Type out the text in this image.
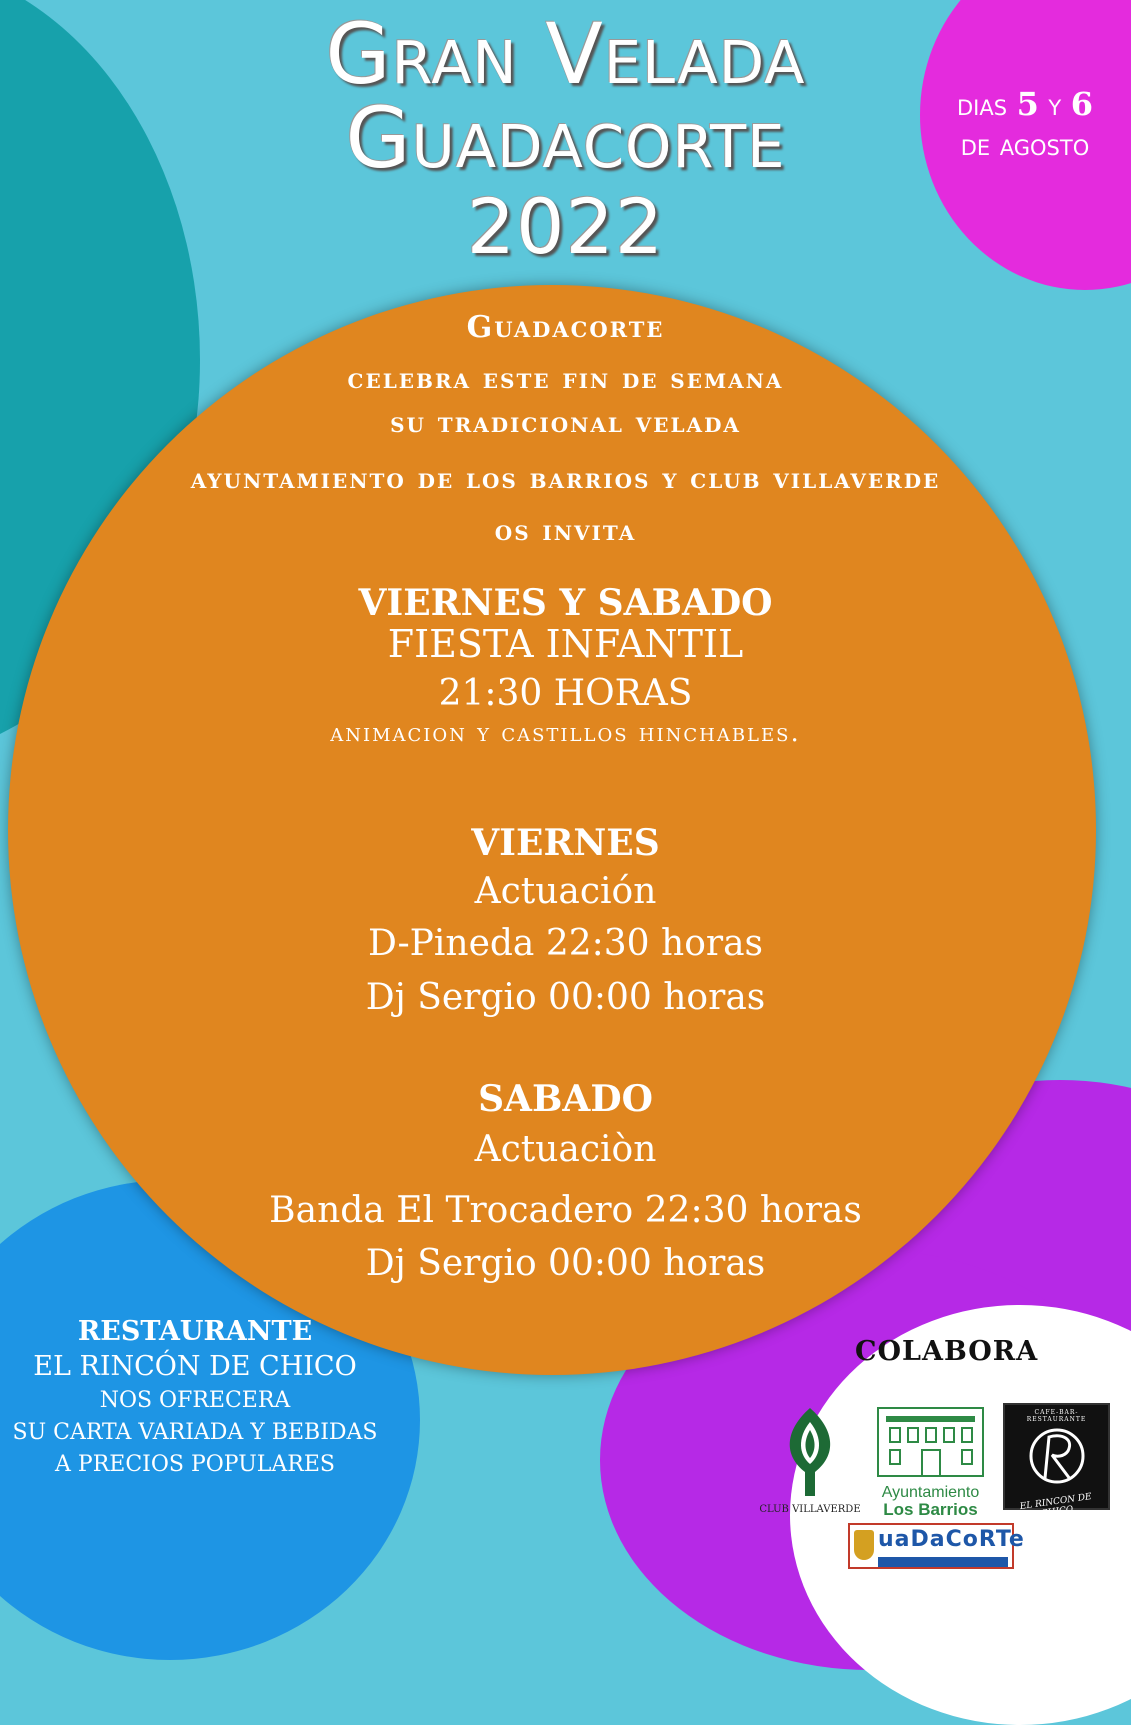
Gran Velada
Guadacorte
2022
dias 5 y 6
de agosto

Guadacorte

celebra este fin de semana

su tradicional velada

ayuntamiento de los barrios y club villaverde

os invita

VIERNES Y SABADO

FIESTA INFANTIL

21:30 HORAS

animacion y castillos hinchables.

VIERNES

Actuación

D-Pineda 22:30 horas

Dj Sergio 00:00 horas

SABADO

Actuaciòn

Banda El Trocadero 22:30 horas

Dj Sergio 00:00 horas

RESTAURANTE
EL RINCÓN DE CHICO
NOS OFRECERA
SU CARTA VARIADA Y BEBIDAS
A PRECIOS POPULARES
COLABORA
CLUB VILLAVERDE
Ayuntamiento
Los Barrios
CAFE-BAR-RESTAURANTE
EL RINCON DE CHICO
uaDaCoRTe
